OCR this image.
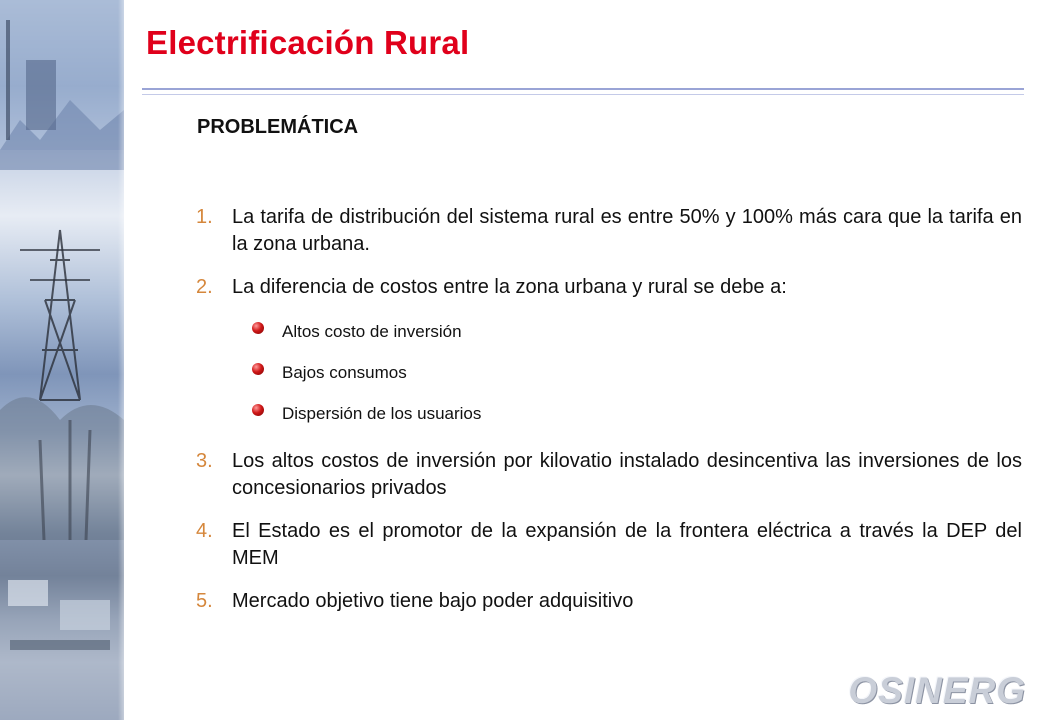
Electrificación Rural
PROBLEMÁTICA
1. La tarifa de distribución del sistema rural es entre 50% y 100% más cara que la tarifa en la zona urbana.
2. La diferencia de costos entre la zona urbana y rural se debe a:
Altos costo de inversión
Bajos consumos
Dispersión de los usuarios
3. Los altos costos de inversión por kilovatio instalado desincentiva las inversiones de los concesionarios privados
4. El Estado es el promotor de la expansión de la frontera eléctrica a través la DEP del MEM
5. Mercado objetivo tiene bajo poder adquisitivo
OSINERG
